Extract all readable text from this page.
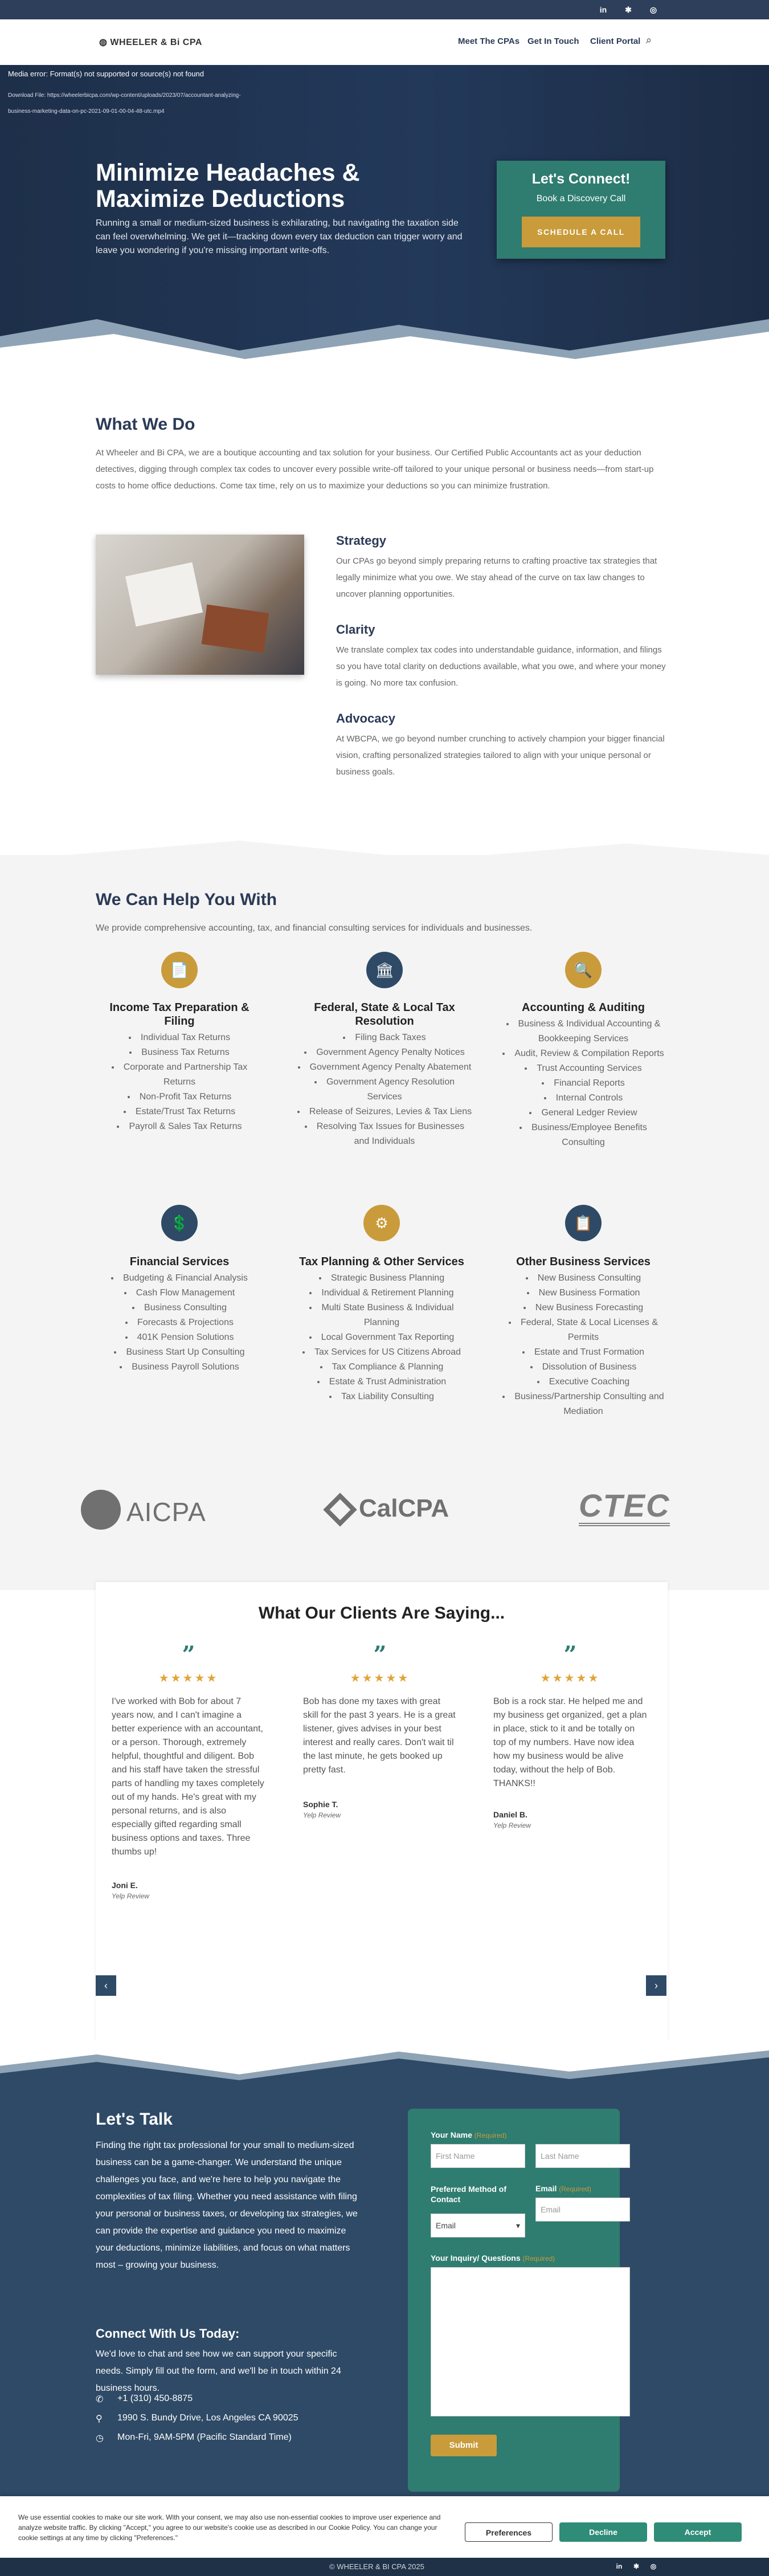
in	✱	◎
◍ WHEELER & Bi CPA	Meet The CPAs Get In Touch Client Portal ⌕
Media error: Format(s) not supported or source(s) not found
Download File: https://wheelerbicpa.com/wp-content/uploads/2023/07/accountant-analyzing-business-marketing-data-on-pc-2021-09-01-00-04-48-utc.mp4
Minimize Headaches & Maximize Deductions
Running a small or medium-sized business is exhilarating, but navigating the taxation side can feel overwhelming. We get it—tracking down every tax deduction can trigger worry and leave you wondering if you're missing important write-offs.
Let's Connect!
Book a Discovery Call
SCHEDULE A CALL
What We Do
At Wheeler and Bi CPA, we are a boutique accounting and tax solution for your business. Our Certified Public Accountants act as your deduction detectives, digging through complex tax codes to uncover every possible write-off tailored to your unique personal or business needs—from start-up costs to home office deductions. Come tax time, rely on us to maximize your deductions so you can minimize frustration.
Strategy
Our CPAs go beyond simply preparing returns to crafting proactive tax strategies that legally minimize what you owe. We stay ahead of the curve on tax law changes to uncover planning opportunities.
Clarity
We translate complex tax codes into understandable guidance, information, and filings so you have total clarity on deductions available, what you owe, and where your money is going. No more tax confusion.
Advocacy
At WBCPA, we go beyond number crunching to actively champion your bigger financial vision, crafting personalized strategies tailored to align with your unique personal or business goals.
We Can Help You With
We provide comprehensive accounting, tax, and financial consulting services for individuals and businesses.
📄
Income Tax Preparation & Filing
• Individual Tax Returns
• Business Tax Returns
• Corporate and Partnership Tax Returns
• Non-Profit Tax Returns
• Estate/Trust Tax Returns
• Payroll & Sales Tax Returns
🏛
Federal, State & Local Tax Resolution
• Filing Back Taxes
• Government Agency Penalty Notices
• Government Agency Penalty Abatement
• Government Agency Resolution Services
• Release of Seizures, Levies & Tax Liens
• Resolving Tax Issues for Businesses and Individuals
🔍
Accounting & Auditing
• Business & Individual Accounting & Bookkeeping Services
• Audit, Review & Compilation Reports
• Trust Accounting Services
• Financial Reports
• Internal Controls
• General Ledger Review
• Business/Employee Benefits Consulting
💲
Financial Services
• Budgeting & Financial Analysis
• Cash Flow Management
• Business Consulting
• Forecasts & Projections
• 401K Pension Solutions
• Business Start Up Consulting
• Business Payroll Solutions
⚙
Tax Planning & Other Services
• Strategic Business Planning
• Individual & Retirement Planning
• Multi State Business & Individual Planning
• Local Government Tax Reporting
• Tax Services for US Citizens Abroad
• Tax Compliance & Planning
• Estate & Trust Administration
• Tax Liability Consulting
📋
Other Business Services
• New Business Consulting
• New Business Formation
• New Business Forecasting
• Federal, State & Local Licenses & Permits
• Estate and Trust Formation
• Dissolution of Business
• Executive Coaching
• Business/Partnership Consulting and Mediation
AICPA	CalCPA	CTEC
What Our Clients Are Saying...
”
★★★★★
I've worked with Bob for about 7 years now, and I can't imagine a better experience with an accountant, or a person. Thorough, extremely helpful, thoughtful and diligent. Bob and his staff have taken the stressful parts of handling my taxes completely out of my hands. He's great with my personal returns, and is also especially gifted regarding small business options and taxes. Three thumbs up!
Joni E.
Yelp Review
”
★★★★★
Bob has done my taxes with great skill for the past 3 years. He is a great listener, gives advises in your best interest and really cares. Don't wait til the last minute, he gets booked up pretty fast.
Sophie T.
Yelp Review
”
★★★★★
Bob is a rock star. He helped me and my business get organized, get a plan in place, stick to it and be totally on top of my numbers. Have now idea how my business would be alive today, without the help of Bob. THANKS!!
Daniel B.
Yelp Review
‹	›
Let's Talk
Finding the right tax professional for your small to medium-sized business can be a game-changer. We understand the unique challenges you face, and we're here to help you navigate the complexities of tax filing. Whether you need assistance with filing your personal or business taxes, or developing tax strategies, we can provide the expertise and guidance you need to maximize your deductions, minimize liabilities, and focus on what matters most – growing your business.
Connect With Us Today:
We'd love to chat and see how we can support your specific needs. Simply fill out the form, and we'll be in touch within 24 business hours.
✆ +1 (310) 450-8875
⚲ 1990 S. Bundy Drive, Los Angeles CA 90025
◷ Mon-Fri, 9AM-5PM (Pacific Standard Time)
Your Name (Required)
First Name	Last Name
Preferred Method of Contact
Email	▾
Email (Required)
Email
Your Inquiry/ Questions (Required)
Submit
We use essential cookies to make our site work. With your consent, we may also use non-essential cookies to improve user experience and analyze website traffic. By clicking "Accept," you agree to our website's cookie use as described in our Cookie Policy. You can change your cookie settings at any time by clicking "Preferences."
Preferences	Decline	Accept
© WHEELER & BI CPA 2025	in	✱	◎
